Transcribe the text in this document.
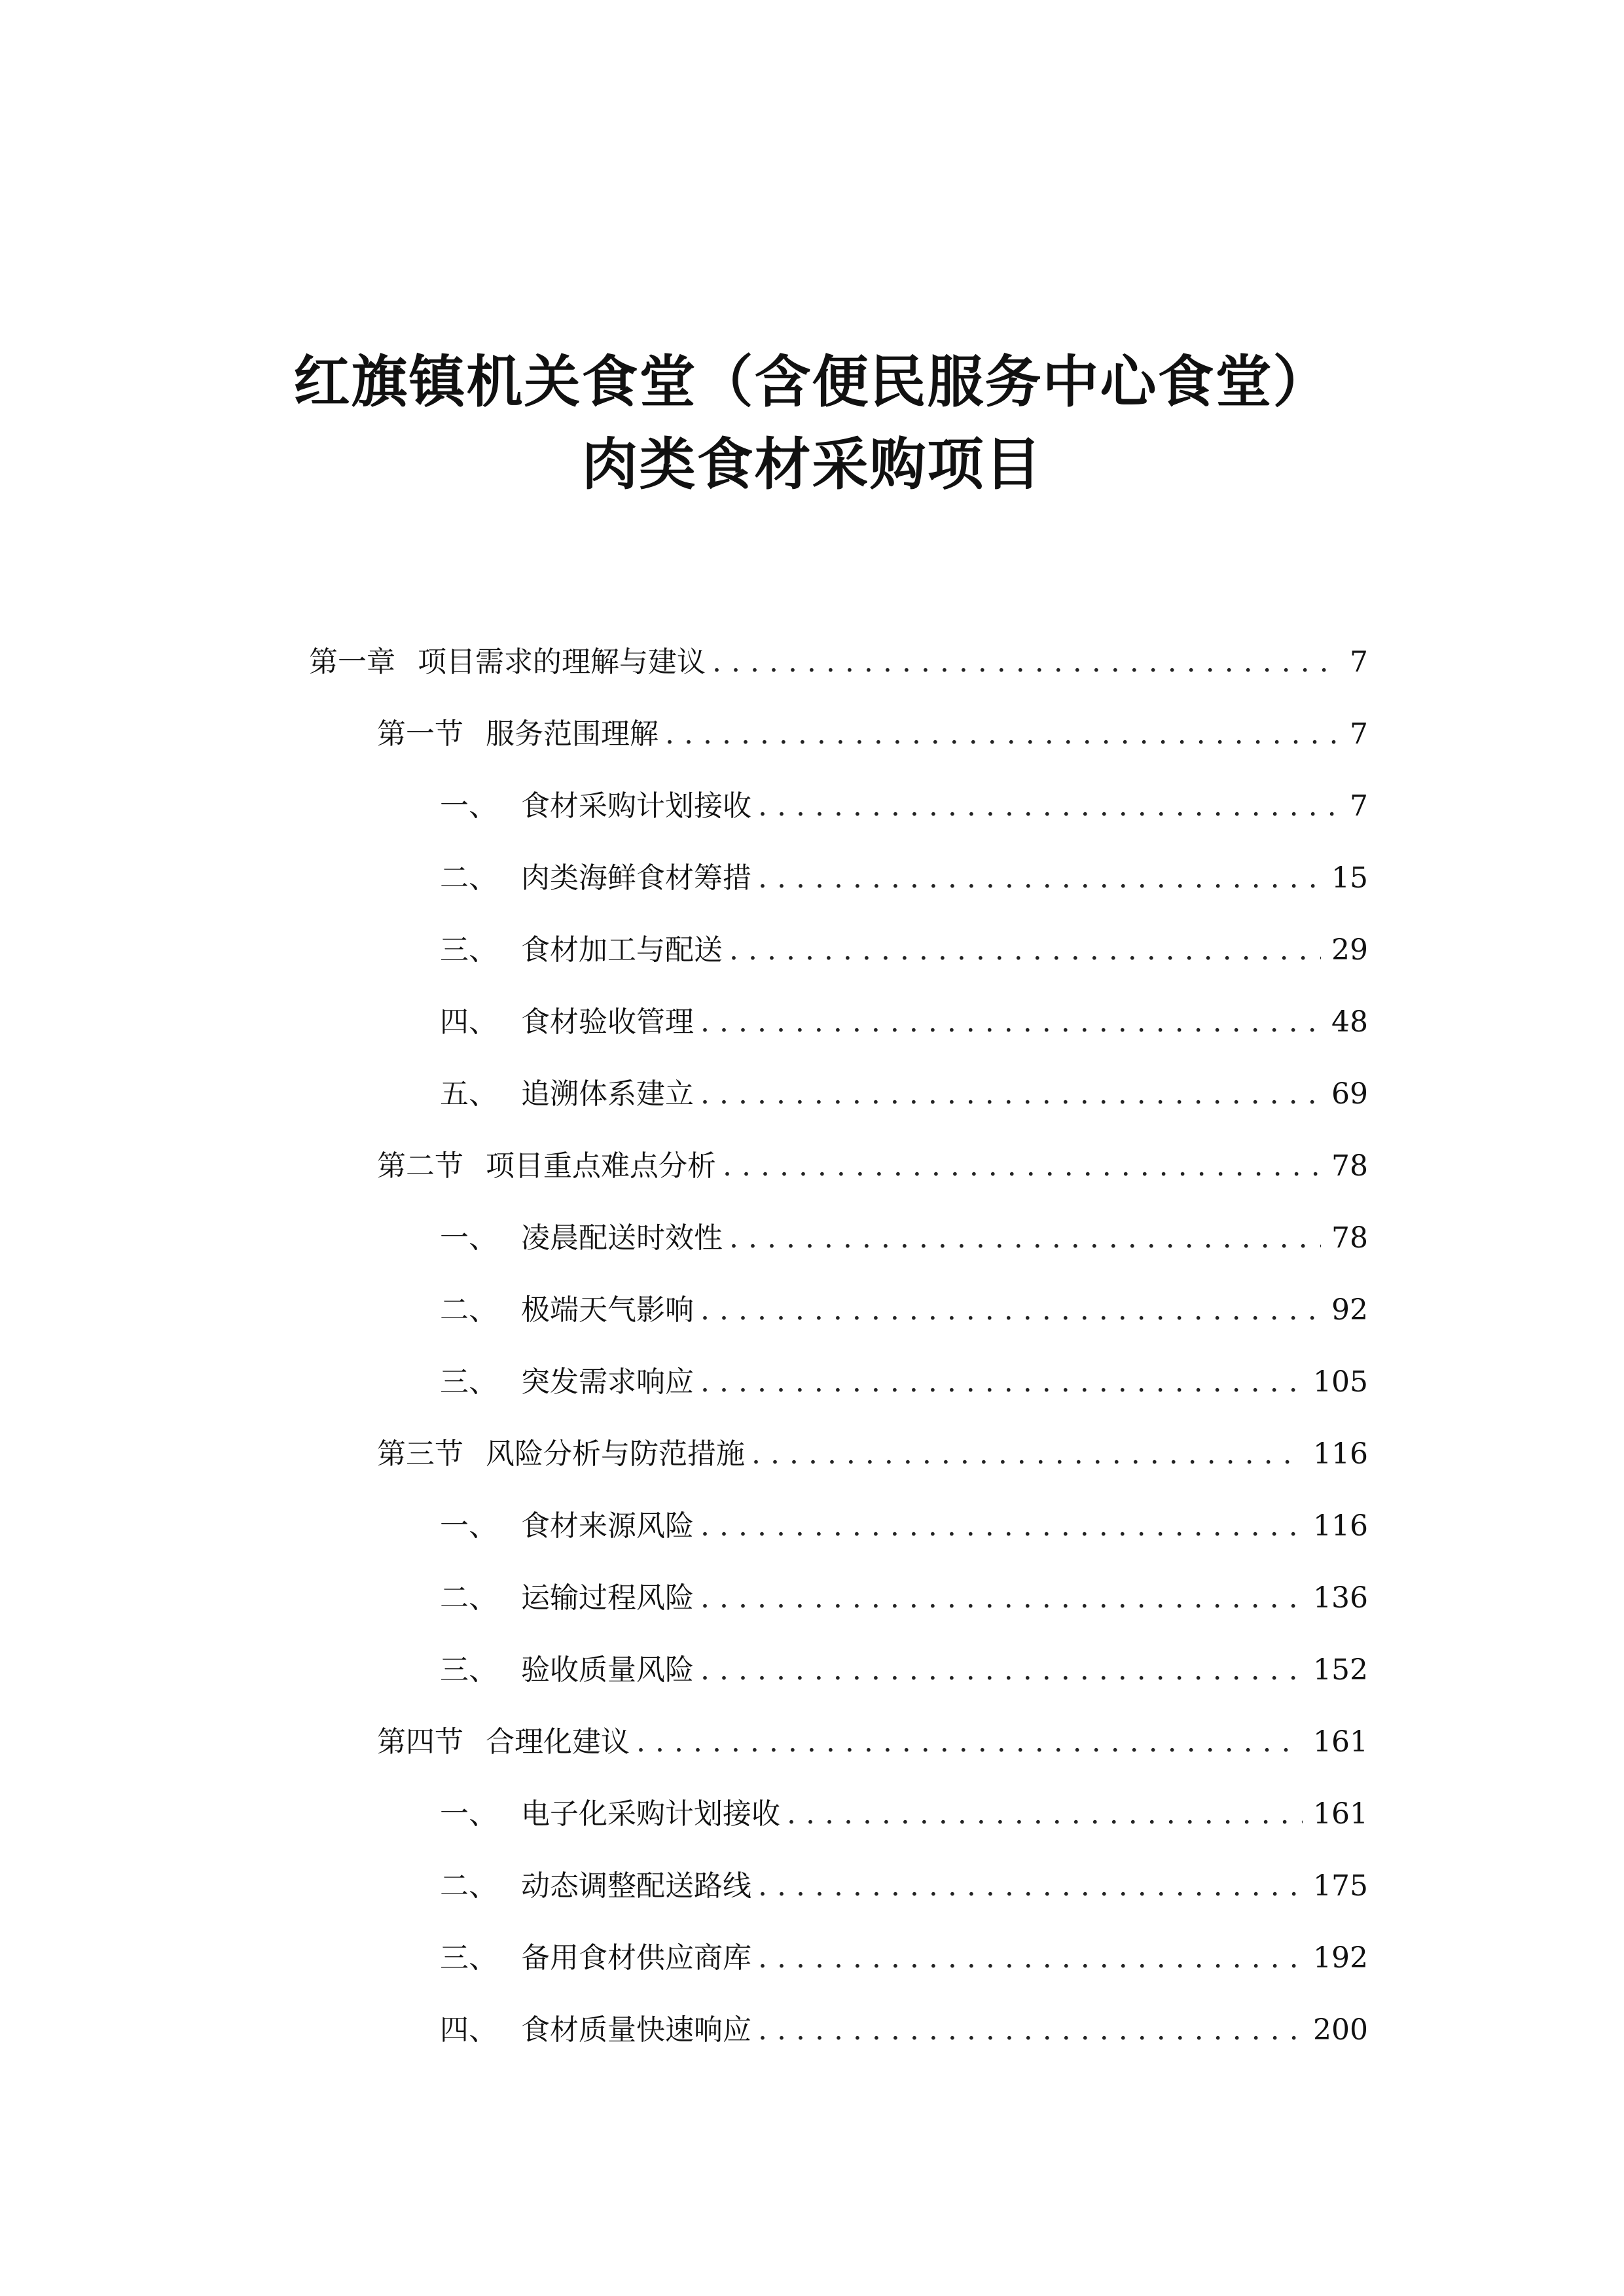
红旗镇机关食堂（含便民服务中心食堂）
肉类食材采购项目
第一章 项目需求的理解与建议 .....	7
第一节 服务范围理解 .....	7
一、 食材采购计划接收 .....	7
二、 肉类海鲜食材筹措 .....	15
三、 食材加工与配送 .....	29
四、 食材验收管理 .....	48
五、 追溯体系建立 .....	69
第二节 项目重点难点分析 .....	78
一、 凌晨配送时效性 .....	78
二、 极端天气影响 .....	92
三、 突发需求响应 .....	105
第三节 风险分析与防范措施 .....	116
一、 食材来源风险 .....	116
二、 运输过程风险 .....	136
三、 验收质量风险 .....	152
第四节 合理化建议 .....	161
一、 电子化采购计划接收 .....	161
二、 动态调整配送路线 .....	175
三、 备用食材供应商库 .....	192
四、 食材质量快速响应 .....	200
